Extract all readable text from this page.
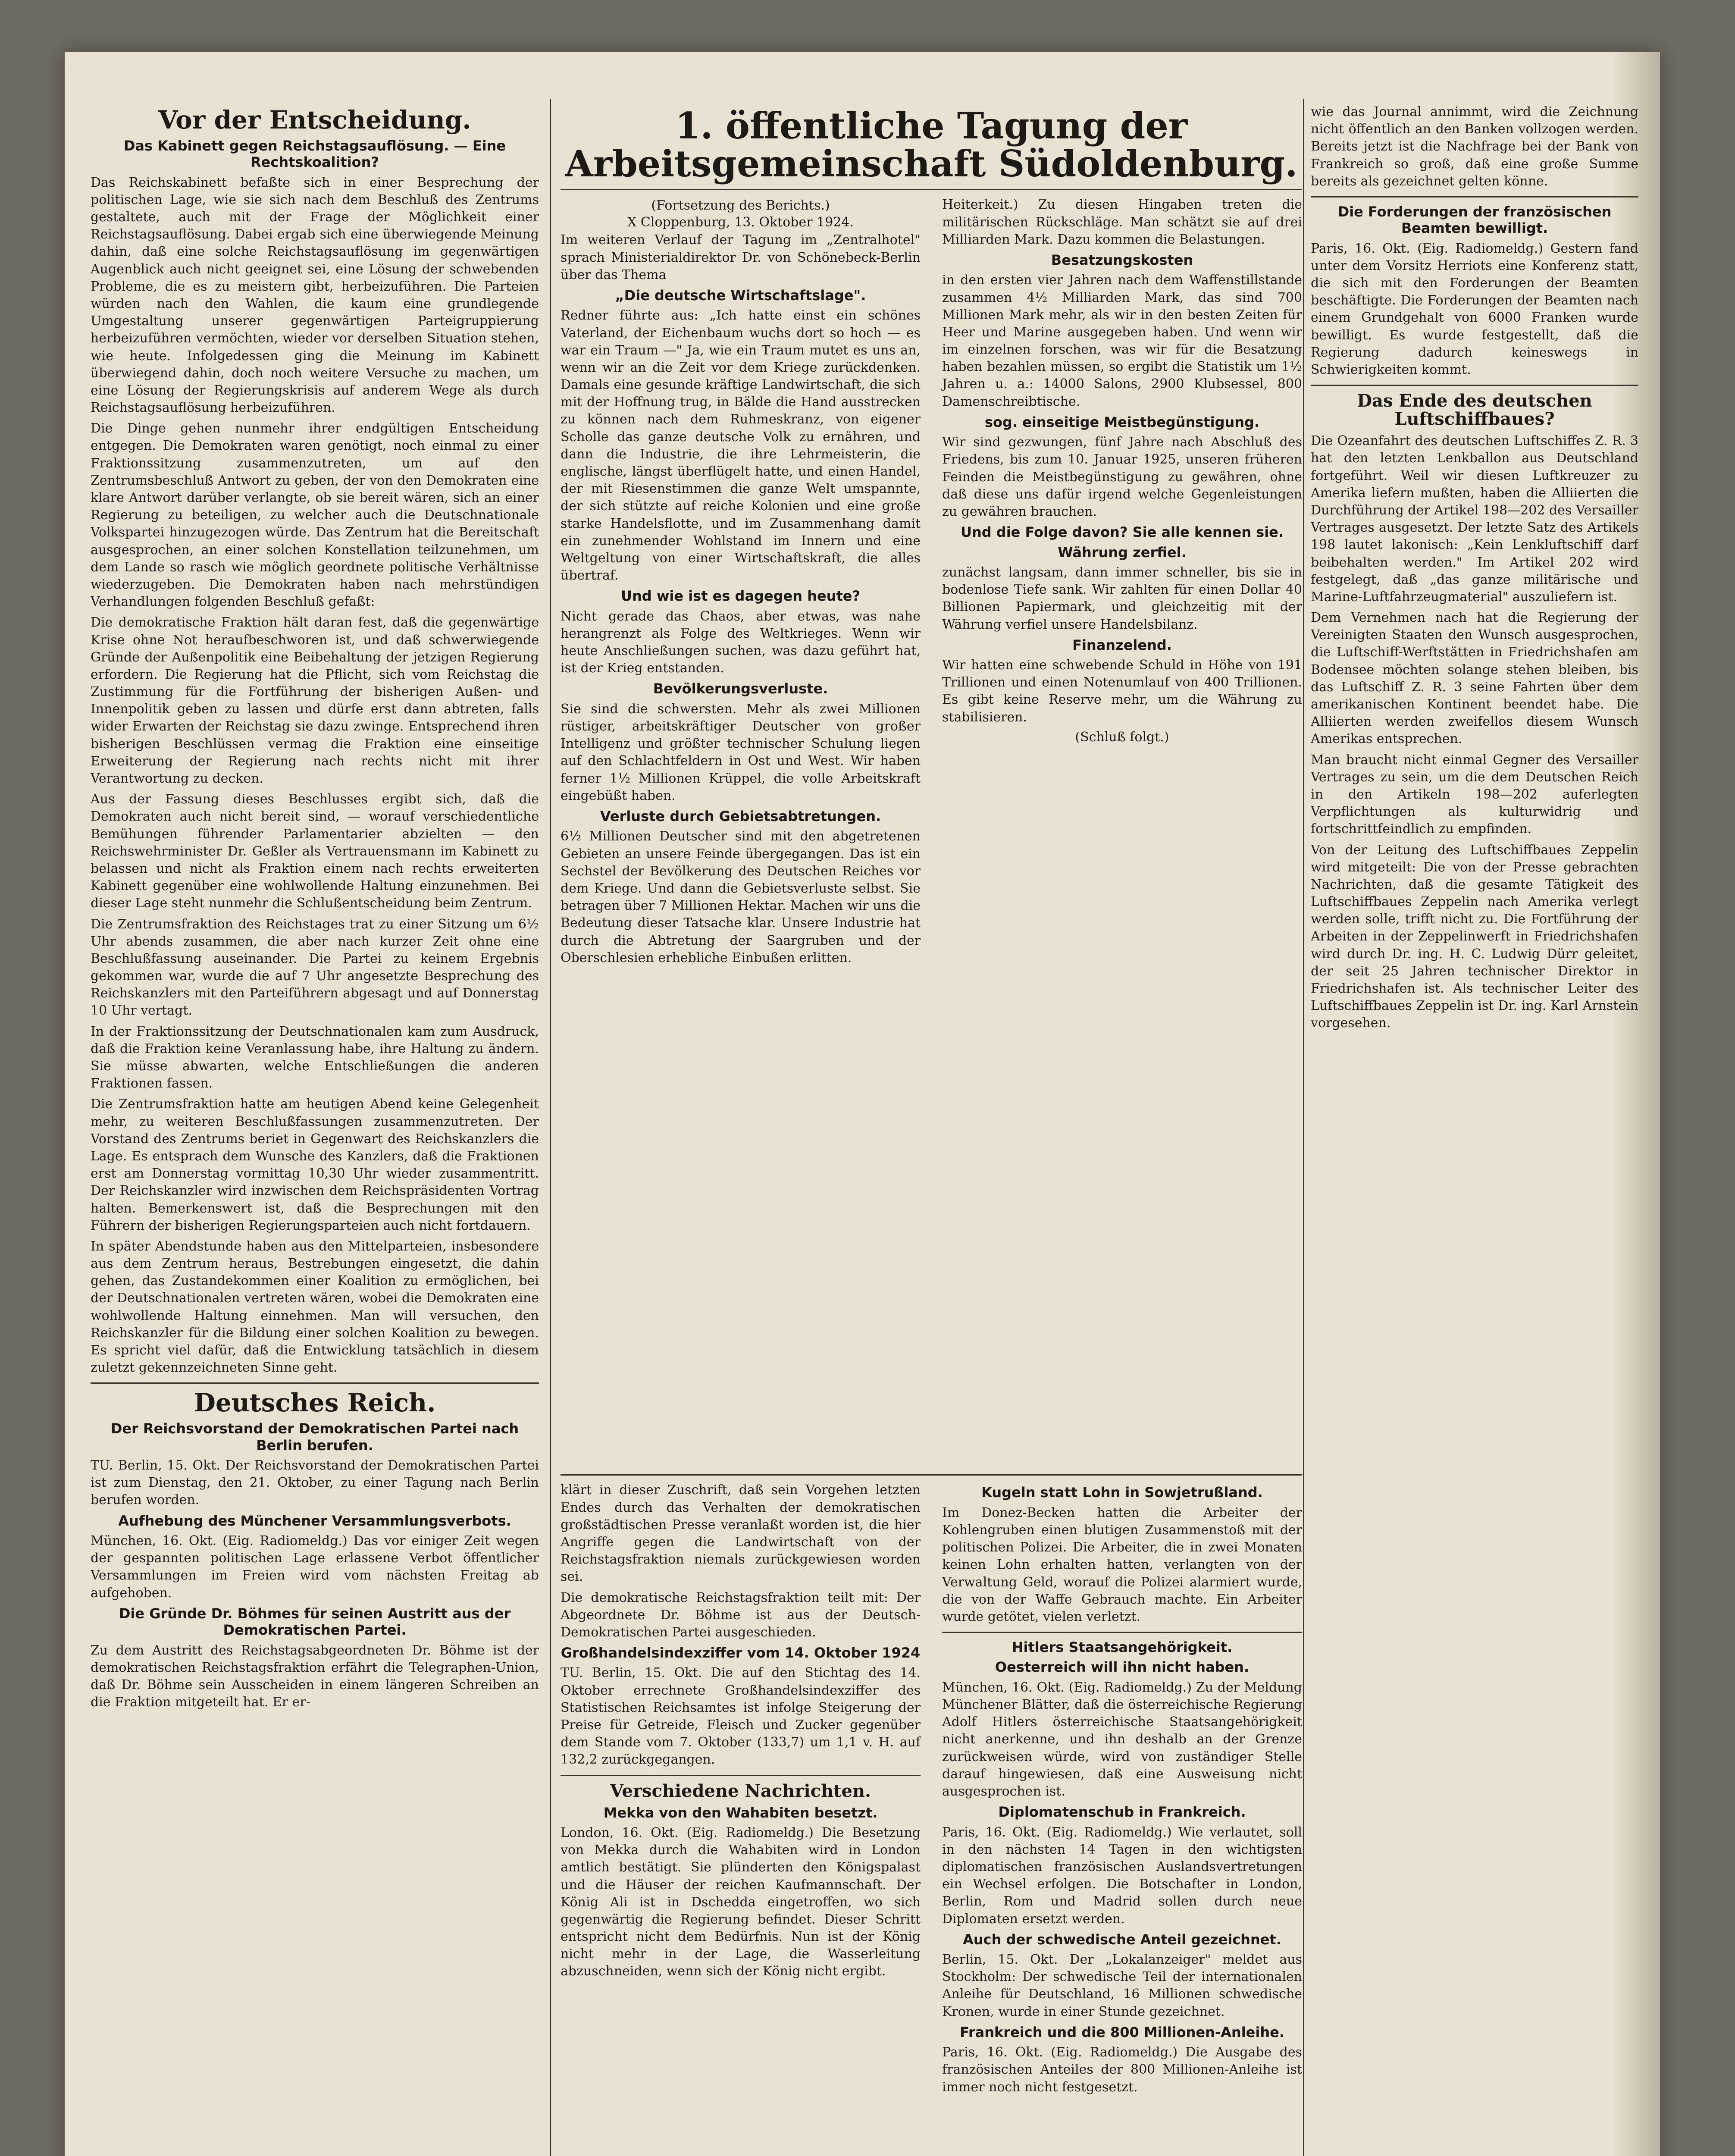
Vor der Entscheidung.
Das Kabinett gegen Reichstagsauflösung. — Eine Rechtskoalition?

Das Reichskabinett befaßte sich in einer Besprechung der politischen Lage, wie sie sich nach dem Beschluß des Zentrums gestaltete, auch mit der Frage der Möglichkeit einer Reichstagsauflösung. Dabei ergab sich eine überwiegende Meinung dahin, daß eine solche Reichstagsauflösung im gegenwärtigen Augenblick auch nicht geeignet sei, eine Lösung der schwebenden Probleme, die es zu meistern gibt, herbeizuführen. Die Parteien würden nach den Wahlen, die kaum eine grundlegende Umgestaltung unserer gegenwärtigen Parteigruppierung herbeizuführen vermöchten, wieder vor derselben Situation stehen, wie heute. Infolgedessen ging die Meinung im Kabinett überwiegend dahin, doch noch weitere Versuche zu machen, um eine Lösung der Regierungskrisis auf anderem Wege als durch Reichstagsauflösung herbeizuführen.

Die Dinge gehen nunmehr ihrer endgültigen Entscheidung entgegen. Die Demokraten waren genötigt, noch einmal zu einer Fraktionssitzung zusammenzutreten, um auf den Zentrumsbeschluß Antwort zu geben, der von den Demokraten eine klare Antwort darüber verlangte, ob sie bereit wären, sich an einer Regierung zu beteiligen, zu welcher auch die Deutschnationale Volkspartei hinzugezogen würde. Das Zentrum hat die Bereitschaft ausgesprochen, an einer solchen Konstellation teilzunehmen, um dem Lande so rasch wie möglich geordnete politische Verhältnisse wiederzugeben. Die Demokraten haben nach mehrstündigen Verhandlungen folgenden Beschluß gefaßt:

Die demokratische Fraktion hält daran fest, daß die gegenwärtige Krise ohne Not heraufbeschworen ist, und daß schwerwiegende Gründe der Außenpolitik eine Beibehaltung der jetzigen Regierung erfordern. Die Regierung hat die Pflicht, sich vom Reichstag die Zustimmung für die Fortführung der bisherigen Außen- und Innenpolitik geben zu lassen und dürfe erst dann abtreten, falls wider Erwarten der Reichstag sie dazu zwinge. Entsprechend ihren bisherigen Beschlüssen vermag die Fraktion eine einseitige Erweiterung der Regierung nach rechts nicht mit ihrer Verantwortung zu decken.

Aus der Fassung dieses Beschlusses ergibt sich, daß die Demokraten auch nicht bereit sind, — worauf verschiedentliche Bemühungen führender Parlamentarier abzielten — den Reichswehrminister Dr. Geßler als Vertrauensmann im Kabinett zu belassen und nicht als Fraktion einem nach rechts erweiterten Kabinett gegenüber eine wohlwollende Haltung einzunehmen. Bei dieser Lage steht nunmehr die Schlußentscheidung beim Zentrum.

Die Zentrumsfraktion des Reichstages trat zu einer Sitzung um 6½ Uhr abends zusammen, die aber nach kurzer Zeit ohne eine Beschlußfassung auseinander. Die Partei zu keinem Ergebnis gekommen war, wurde die auf 7 Uhr angesetzte Besprechung des Reichskanzlers mit den Parteiführern abgesagt und auf Donnerstag 10 Uhr vertagt.

In der Fraktionssitzung der Deutschnationalen kam zum Ausdruck, daß die Fraktion keine Veranlassung habe, ihre Haltung zu ändern. Sie müsse abwarten, welche Entschließungen die anderen Fraktionen fassen.

Die Zentrumsfraktion hatte am heutigen Abend keine Gelegenheit mehr, zu weiteren Beschlußfassungen zusammenzutreten. Der Vorstand des Zentrums beriet in Gegenwart des Reichskanzlers die Lage. Es entsprach dem Wunsche des Kanzlers, daß die Fraktionen erst am Donnerstag vormittag 10,30 Uhr wieder zusammentritt. Der Reichskanzler wird inzwischen dem Reichspräsidenten Vortrag halten. Bemerkenswert ist, daß die Besprechungen mit den Führern der bisherigen Regierungsparteien auch nicht fortdauern.

In später Abendstunde haben aus den Mittelparteien, insbesondere aus dem Zentrum heraus, Bestrebungen eingesetzt, die dahin gehen, das Zustandekommen einer Koalition zu ermöglichen, bei der Deutschnationalen vertreten wären, wobei die Demokraten eine wohlwollende Haltung einnehmen. Man will versuchen, den Reichskanzler für die Bildung einer solchen Koalition zu bewegen. Es spricht viel dafür, daß die Entwicklung tatsächlich in diesem zuletzt gekennzeichneten Sinne geht.

Deutsches Reich.
Der Reichsvorstand der Demokratischen Partei nach Berlin berufen.

TU. Berlin, 15. Okt. Der Reichsvorstand der Demokratischen Partei ist zum Dienstag, den 21. Oktober, zu einer Tagung nach Berlin berufen worden.

Aufhebung des Münchener Versammlungsverbots.

München, 16. Okt. (Eig. Radiomeldg.) Das vor einiger Zeit wegen der gespannten politischen Lage erlassene Verbot öffentlicher Versammlungen im Freien wird vom nächsten Freitag ab aufgehoben.

Die Gründe Dr. Böhmes für seinen Austritt aus der Demokratischen Partei.

Zu dem Austritt des Reichstagsabgeordneten Dr. Böhme ist der demokratischen Reichstagsfraktion erfährt die Telegraphen-Union, daß Dr. Böhme sein Ausscheiden in einem längeren Schreiben an die Fraktion mitgeteilt hat. Er er-

1. öffentliche Tagung der Arbeitsgemeinschaft Südoldenburg.
(Fortsetzung des Berichts.)
X Cloppenburg, 13. Oktober 1924.

Im weiteren Verlauf der Tagung im „Zentralhotel" sprach Ministerialdirektor Dr. von Schönebeck-Berlin über das Thema

„Die deutsche Wirtschaftslage".

Redner führte aus: „Ich hatte einst ein schönes Vaterland, der Eichenbaum wuchs dort so hoch — es war ein Traum —" Ja, wie ein Traum mutet es uns an, wenn wir an die Zeit vor dem Kriege zurückdenken. Damals eine gesunde kräftige Landwirtschaft, die sich mit der Hoffnung trug, in Bälde die Hand ausstrecken zu können nach dem Ruhmeskranz, von eigener Scholle das ganze deutsche Volk zu ernähren, und dann die Industrie, die ihre Lehrmeisterin, die englische, längst überflügelt hatte, und einen Handel, der mit Riesenstimmen die ganze Welt umspannte, der sich stützte auf reiche Kolonien und eine große starke Handelsflotte, und im Zusammenhang damit ein zunehmender Wohlstand im Innern und eine Weltgeltung von einer Wirtschaftskraft, die alles übertraf.

Und wie ist es dagegen heute?

Nicht gerade das Chaos, aber etwas, was nahe herangrenzt als Folge des Weltkrieges. Wenn wir heute Anschließungen suchen, was dazu geführt hat, ist der Krieg entstanden.

Bevölkerungsverluste.

Sie sind die schwersten. Mehr als zwei Millionen rüstiger, arbeitskräftiger Deutscher von großer Intelligenz und größter technischer Schulung liegen auf den Schlachtfeldern in Ost und West. Wir haben ferner 1½ Millionen Krüppel, die volle Arbeitskraft eingebüßt haben.

Verluste durch Gebietsabtretungen.

6½ Millionen Deutscher sind mit den abgetretenen Gebieten an unsere Feinde übergegangen. Das ist ein Sechstel der Bevölkerung des Deutschen Reiches vor dem Kriege. Und dann die Gebietsverluste selbst. Sie betragen über 7 Millionen Hektar. Machen wir uns die Bedeutung dieser Tatsache klar. Unsere Industrie hat durch die Abtretung der Saargruben und der Oberschlesien erhebliche Einbußen erlitten.

Heiterkeit.) Zu diesen Hingaben treten die militärischen Rückschläge. Man schätzt sie auf drei Milliarden Mark. Dazu kommen die Belastungen.

Besatzungskosten

in den ersten vier Jahren nach dem Waffenstillstande zusammen 4½ Milliarden Mark, das sind 700 Millionen Mark mehr, als wir in den besten Zeiten für Heer und Marine ausgegeben haben. Und wenn wir im einzelnen forschen, was wir für die Besatzung haben bezahlen müssen, so ergibt die Statistik um 1½ Jahren u. a.: 14000 Salons, 2900 Klubsessel, 800 Damenschreibtische.

sog. einseitige Meistbegünstigung.

Wir sind gezwungen, fünf Jahre nach Abschluß des Friedens, bis zum 10. Januar 1925, unseren früheren Feinden die Meistbegünstigung zu gewähren, ohne daß diese uns dafür irgend welche Gegenleistungen zu gewähren brauchen.

Und die Folge davon? Sie alle kennen sie.
Währung zerfiel.

zunächst langsam, dann immer schneller, bis sie in bodenlose Tiefe sank. Wir zahlten für einen Dollar 40 Billionen Papiermark, und gleichzeitig mit der Währung verfiel unsere Handelsbilanz.

Finanzelend.

Wir hatten eine schwebende Schuld in Höhe von 191 Trillionen und einen Notenumlauf von 400 Trillionen. Es gibt keine Reserve mehr, um die Währung zu stabilisieren.

(Schluß folgt.)

klärt in dieser Zuschrift, daß sein Vorgehen letzten Endes durch das Verhalten der demokratischen großstädtischen Presse veranlaßt worden ist, die hier Angriffe gegen die Landwirtschaft von der Reichstagsfraktion niemals zurückgewiesen worden sei.

Die demokratische Reichstagsfraktion teilt mit: Der Abgeordnete Dr. Böhme ist aus der Deutsch-Demokratischen Partei ausgeschieden.

Großhandelsindexziffer vom 14. Oktober 1924

TU. Berlin, 15. Okt. Die auf den Stichtag des 14. Oktober errechnete Großhandelsindexziffer des Statistischen Reichsamtes ist infolge Steigerung der Preise für Getreide, Fleisch und Zucker gegenüber dem Stande vom 7. Oktober (133,7) um 1,1 v. H. auf 132,2 zurückgegangen.

Verschiedene Nachrichten.
Mekka von den Wahabiten besetzt.

London, 16. Okt. (Eig. Radiomeldg.) Die Besetzung von Mekka durch die Wahabiten wird in London amtlich bestätigt. Sie plünderten den Königspalast und die Häuser der reichen Kaufmannschaft. Der König Ali ist in Dschedda eingetroffen, wo sich gegenwärtig die Regierung befindet. Dieser Schritt entspricht nicht dem Bedürfnis. Nun ist der König nicht mehr in der Lage, die Wasserleitung abzuschneiden, wenn sich der König nicht ergibt.

Kugeln statt Lohn in Sowjetrußland.

Im Donez-Becken hatten die Arbeiter der Kohlengruben einen blutigen Zusammenstoß mit der politischen Polizei. Die Arbeiter, die in zwei Monaten keinen Lohn erhalten hatten, verlangten von der Verwaltung Geld, worauf die Polizei alarmiert wurde, die von der Waffe Gebrauch machte. Ein Arbeiter wurde getötet, vielen verletzt.

Hitlers Staatsangehörigkeit.
Oesterreich will ihn nicht haben.

München, 16. Okt. (Eig. Radiomeldg.) Zu der Meldung Münchener Blätter, daß die österreichische Regierung Adolf Hitlers österreichische Staatsangehörigkeit nicht anerkenne, und ihn deshalb an der Grenze zurückweisen würde, wird von zuständiger Stelle darauf hingewiesen, daß eine Ausweisung nicht ausgesprochen ist.

Diplomatenschub in Frankreich.

Paris, 16. Okt. (Eig. Radiomeldg.) Wie verlautet, soll in den nächsten 14 Tagen in den wichtigsten diplomatischen französischen Auslandsvertretungen ein Wechsel erfolgen. Die Botschafter in London, Berlin, Rom und Madrid sollen durch neue Diplomaten ersetzt werden.

Auch der schwedische Anteil gezeichnet.

Berlin, 15. Okt. Der „Lokalanzeiger" meldet aus Stockholm: Der schwedische Teil der internationalen Anleihe für Deutschland, 16 Millionen schwedische Kronen, wurde in einer Stunde gezeichnet.

Frankreich und die 800 Millionen-Anleihe.

Paris, 16. Okt. (Eig. Radiomeldg.) Die Ausgabe des französischen Anteiles der 800 Millionen-Anleihe ist immer noch nicht festgesetzt.

wie das Journal annimmt, wird die Zeichnung nicht öffentlich an den Banken vollzogen werden. Bereits jetzt ist die Nachfrage bei der Bank von Frankreich so groß, daß eine große Summe bereits als gezeichnet gelten könne.

Die Forderungen der französischen Beamten bewilligt.

Paris, 16. Okt. (Eig. Radiomeldg.) Gestern fand unter dem Vorsitz Herriots eine Konferenz statt, die sich mit den Forderungen der Beamten beschäftigte. Die Forderungen der Beamten nach einem Grundgehalt von 6000 Franken wurde bewilligt. Es wurde festgestellt, daß die Regierung dadurch keineswegs in Schwierigkeiten kommt.

Das Ende des deutschen Luftschiffbaues?

Die Ozeanfahrt des deutschen Luftschiffes Z. R. 3 hat den letzten Lenkballon aus Deutschland fortgeführt. Weil wir diesen Luftkreuzer zu Amerika liefern mußten, haben die Alliierten die Durchführung der Artikel 198—202 des Versailler Vertrages ausgesetzt. Der letzte Satz des Artikels 198 lautet lakonisch: „Kein Lenkluftschiff darf beibehalten werden." Im Artikel 202 wird festgelegt, daß „das ganze militärische und Marine-Luftfahrzeugmaterial" auszuliefern ist.

Dem Vernehmen nach hat die Regierung der Vereinigten Staaten den Wunsch ausgesprochen, die Luftschiff-Werftstätten in Friedrichshafen am Bodensee möchten solange stehen bleiben, bis das Luftschiff Z. R. 3 seine Fahrten über dem amerikanischen Kontinent beendet habe. Die Alliierten werden zweifellos diesem Wunsch Amerikas entsprechen.

Man braucht nicht einmal Gegner des Versailler Vertrages zu sein, um die dem Deutschen Reich in den Artikeln 198—202 auferlegten Verpflichtungen als kulturwidrig und fortschrittfeindlich zu empfinden.

Von der Leitung des Luftschiffbaues Zeppelin wird mitgeteilt: Die von der Presse gebrachten Nachrichten, daß die gesamte Tätigkeit des Luftschiffbaues Zeppelin nach Amerika verlegt werden solle, trifft nicht zu. Die Fortführung der Arbeiten in der Zeppelinwerft in Friedrichshafen wird durch Dr. ing. H. C. Ludwig Dürr geleitet, der seit 25 Jahren technischer Direktor in Friedrichshafen ist. Als technischer Leiter des Luftschiffbaues Zeppelin ist Dr. ing. Karl Arnstein vorgesehen.
